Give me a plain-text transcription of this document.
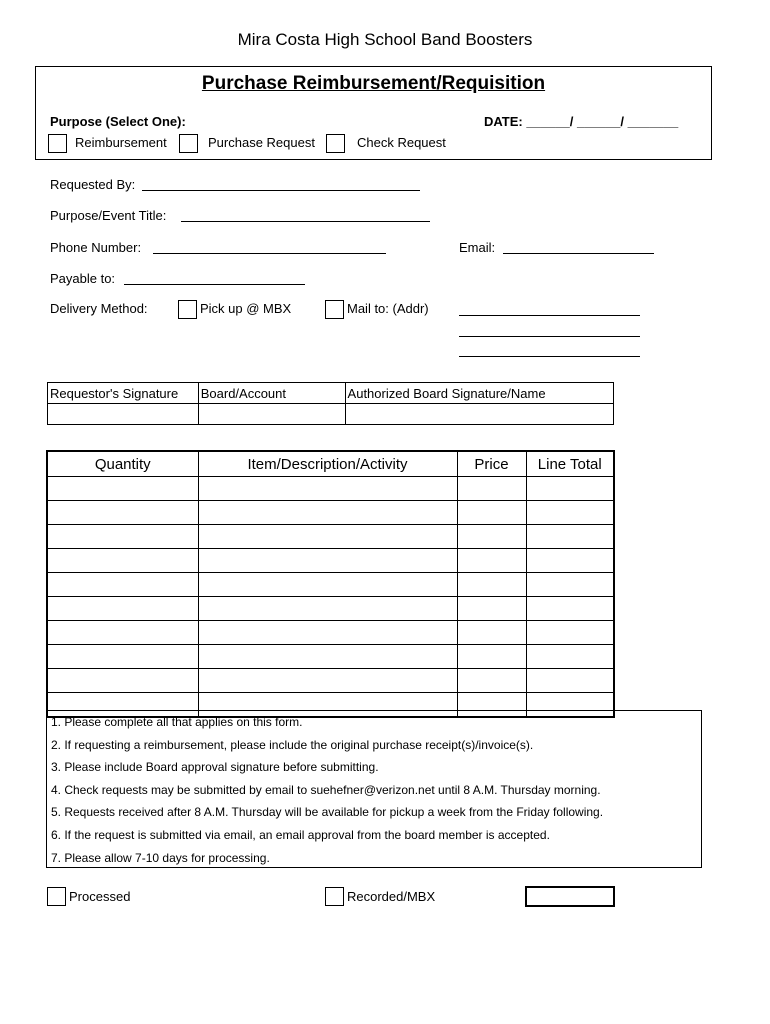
Mira Costa High School Band Boosters
Purchase Reimbursement/Requisition
Purpose (Select One):	DATE: ______/ ______/ _______
Reimbursement	Purchase Request	Check Request
Requested By:
Purpose/Event Title:
Phone Number:	Email:
Payable to:
Delivery Method:	Pick up @ MBX	Mail to: (Addr)
Requestor's Signature	Board/Account	Authorized Board Signature/Name

Quantity	Item/Description/Activity	Price	Line Total

1. Please complete all that applies on this form.
2. If requesting a reimbursement, please include the original purchase receipt(s)/invoice(s).
3. Please include Board approval signature before submitting.
4. Check requests may be submitted by email to suehefner@verizon.net until 8 A.M. Thursday morning.
5. Requests received after 8 A.M. Thursday will be available for pickup a week from the Friday following.
6. If the request is submitted via email, an email approval from the board member is accepted.
7. Please allow 7-10 days for processing.
Processed	Recorded/MBX
